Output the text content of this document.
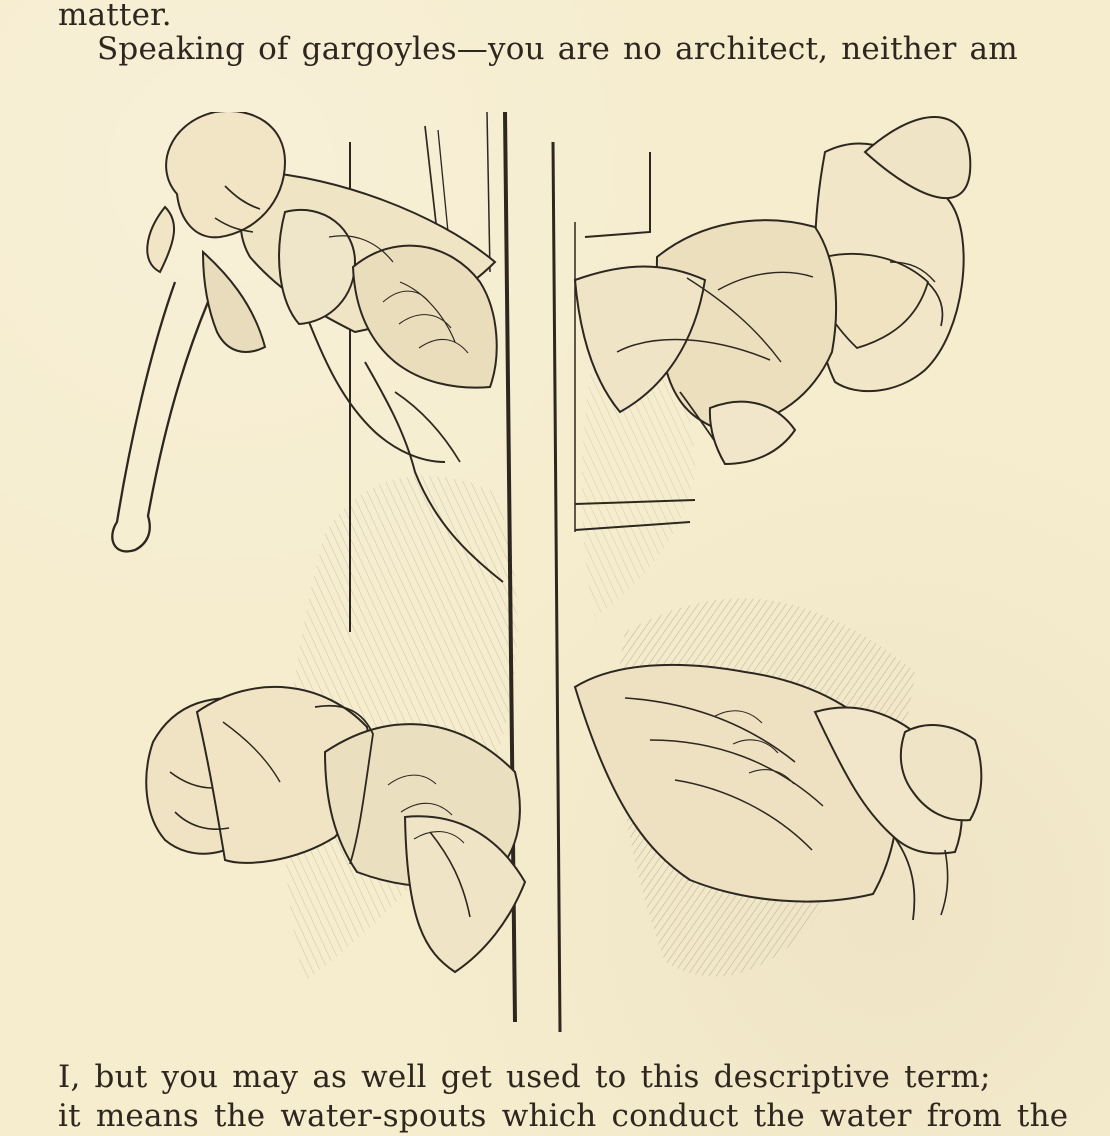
matter.
Speaking of gargoyles—you are no architect, neither am
I, but you may as well get used to this descriptive term;
it means the water-spouts which conduct the water from the
